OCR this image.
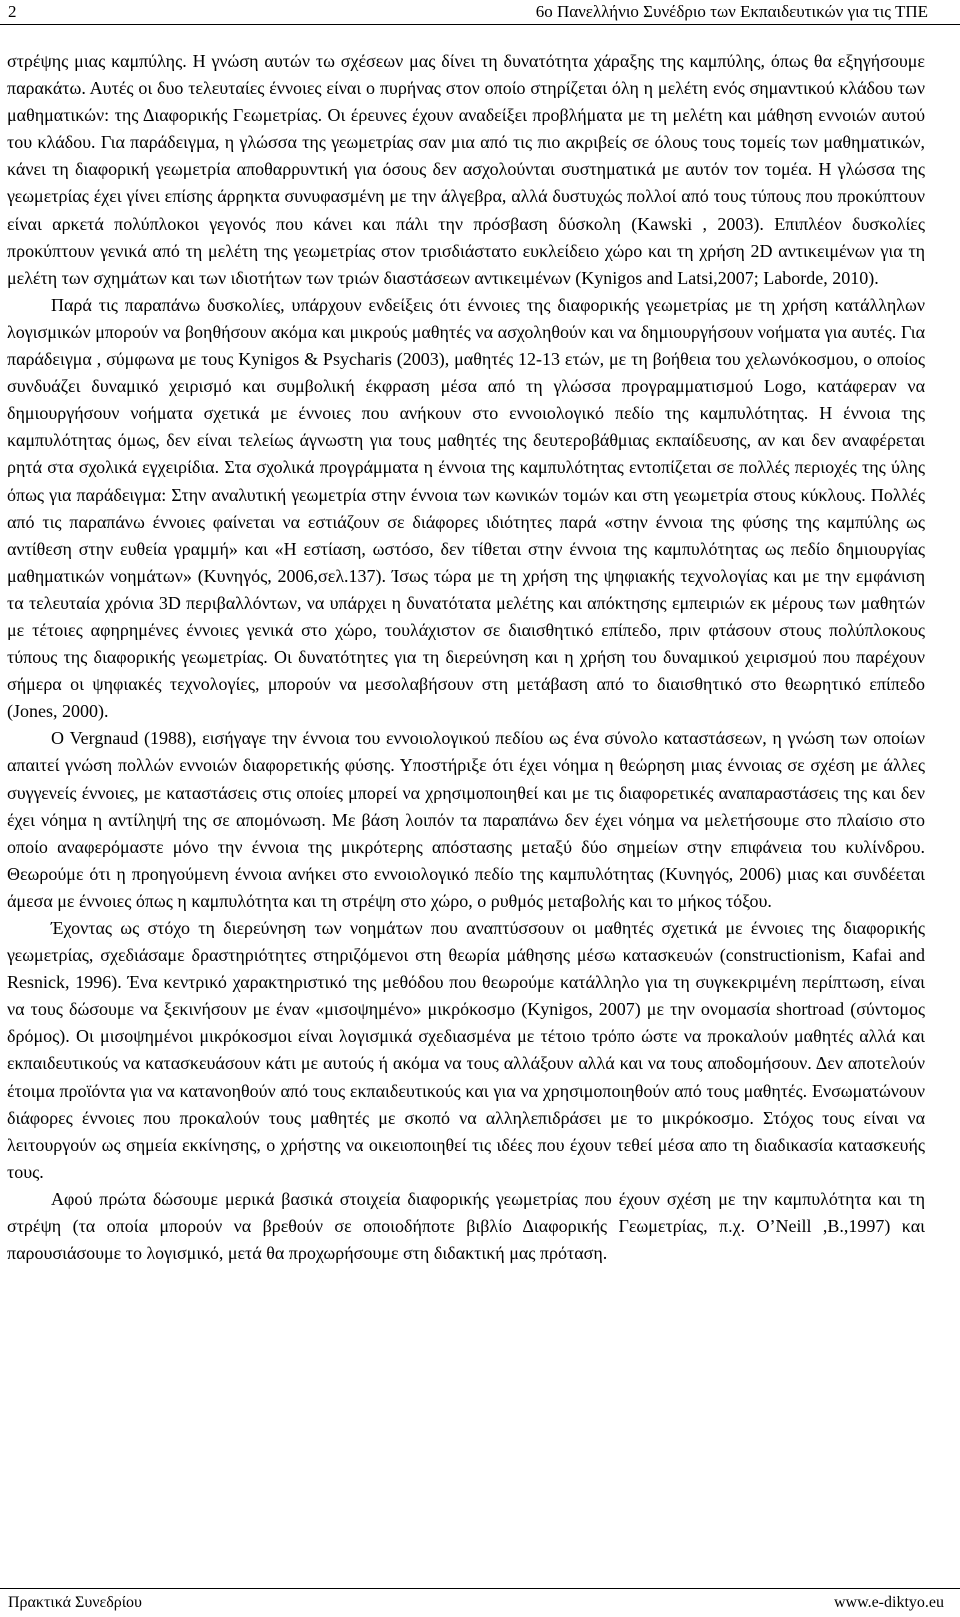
2	6ο Πανελλήνιο Συνέδριο των Εκπαιδευτικών για τις ΤΠΕ

στρέψης μιας καμπύλης. Η γνώση αυτών τω σχέσεων μας δίνει τη δυνατότητα χάραξης της καμπύλης, όπως θα εξηγήσουμε παρακάτω. Αυτές οι δυο τελευταίες έννοιες είναι ο πυρήνας στον οποίο στηρίζεται όλη η μελέτη ενός σημαντικού κλάδου των μαθηματικών: της Διαφορικής Γεωμετρίας. Οι έρευνες έχουν αναδείξει προβλήματα με τη μελέτη και μάθηση εννοιών αυτού του κλάδου. Για παράδειγμα, η γλώσσα της γεωμετρίας σαν μια από τις πιο ακριβείς σε όλους τους τομείς των μαθηματικών, κάνει τη διαφορική γεωμετρία αποθαρρυντική για όσους δεν ασχολούνται συστηματικά με αυτόν τον τομέα. Η γλώσσα της γεωμετρίας έχει γίνει επίσης άρρηκτα συνυφασμένη με την άλγεβρα, αλλά δυστυχώς πολλοί από τους τύπους που προκύπτουν είναι αρκετά πολύπλοκοι γεγονός που κάνει και πάλι την πρόσβαση δύσκολη (Kawski , 2003). Επιπλέον δυσκολίες προκύπτουν γενικά από τη μελέτη της γεωμετρίας στον τρισδιάστατο ευκλείδειο χώρο και τη χρήση 2D αντικειμένων για τη μελέτη των σχημάτων και των ιδιοτήτων των τριών διαστάσεων αντικειμένων (Kynigos and Latsi,2007; Laborde, 2010).

Παρά τις παραπάνω δυσκολίες, υπάρχουν ενδείξεις ότι έννοιες της διαφορικής γεωμετρίας με τη χρήση κατάλληλων λογισμικών μπορούν να βοηθήσουν ακόμα και μικρούς μαθητές να ασχοληθούν και να δημιουργήσουν νοήματα για αυτές. Για παράδειγμα , σύμφωνα με τους Kynigos & Psycharis (2003), μαθητές 12-13 ετών, με τη βοήθεια του χελωνόκοσμου, ο οποίος συνδυάζει δυναμικό χειρισμό και συμβολική έκφραση μέσα από τη γλώσσα προγραμματισμού Logo, κατάφεραν να δημιουργήσουν νοήματα σχετικά με έννοιες που ανήκουν στο εννοιολογικό πεδίο της καμπυλότητας. Η έννοια της καμπυλότητας όμως, δεν είναι τελείως άγνωστη για τους μαθητές της δευτεροβάθμιας εκπαίδευσης, αν και δεν αναφέρεται ρητά στα σχολικά εγχειρίδια. Στα σχολικά προγράμματα η έννοια της καμπυλότητας εντοπίζεται σε πολλές περιοχές της ύλης όπως για παράδειγμα: Στην αναλυτική γεωμετρία στην έννοια των κωνικών τομών και στη γεωμετρία στους κύκλους. Πολλές από τις παραπάνω έννοιες φαίνεται να εστιάζουν σε διάφορες ιδιότητες παρά «στην έννοια της φύσης της καμπύλης ως αντίθεση στην ευθεία γραμμή» και «Η εστίαση, ωστόσο, δεν τίθεται στην έννοια της καμπυλότητας ως πεδίο δημιουργίας μαθηματικών νοημάτων» (Κυνηγός, 2006,σελ.137). Ίσως τώρα με τη χρήση της ψηφιακής τεχνολογίας και με την εμφάνιση τα τελευταία χρόνια 3D περιβαλλόντων, να υπάρχει η δυνατότατα μελέτης και απόκτησης εμπειριών εκ μέρους των μαθητών με τέτοιες αφηρημένες έννοιες γενικά στο χώρο, τουλάχιστον σε διαισθητικό επίπεδο, πριν φτάσουν στους πολύπλοκους τύπους της διαφορικής γεωμετρίας. Οι δυνατότητες για τη διερεύνηση και η χρήση του δυναμικού χειρισμού που παρέχουν σήμερα οι ψηφιακές τεχνολογίες, μπορούν να μεσολαβήσουν στη μετάβαση από το διαισθητικό στο θεωρητικό επίπεδο (Jones, 2000).

Ο Vergnaud (1988), εισήγαγε την έννοια του εννοιολογικού πεδίου ως ένα σύνολο καταστάσεων, η γνώση των οποίων απαιτεί γνώση πολλών εννοιών διαφορετικής φύσης. Υποστήριξε ότι έχει νόημα η θεώρηση μιας έννοιας σε σχέση με άλλες συγγενείς έννοιες, με καταστάσεις στις οποίες μπορεί να χρησιμοποιηθεί και με τις διαφορετικές αναπαραστάσεις της και δεν έχει νόημα η αντίληψή της σε απομόνωση. Με βάση λοιπόν τα παραπάνω δεν έχει νόημα να μελετήσουμε στο πλαίσιο στο οποίο αναφερόμαστε μόνο την έννοια της μικρότερης απόστασης μεταξύ δύο σημείων στην επιφάνεια του κυλίνδρου. Θεωρούμε ότι η προηγούμενη έννοια ανήκει στο εννοιολογικό πεδίο της καμπυλότητας (Κυνηγός, 2006) μιας και συνδέεται άμεσα με έννοιες όπως η καμπυλότητα και τη στρέψη στο χώρο, ο ρυθμός μεταβολής και το μήκος τόξου.

Έχοντας ως στόχο τη διερεύνηση των νοημάτων που αναπτύσσουν οι μαθητές σχετικά με έννοιες της διαφορικής γεωμετρίας, σχεδιάσαμε δραστηριότητες στηριζόμενοι στη θεωρία μάθησης μέσω κατασκευών (constructionism, Kafai and Resnick, 1996). Ένα κεντρικό χαρακτηριστικό της μεθόδου που θεωρούμε κατάλληλο για τη συγκεκριμένη περίπτωση, είναι να τους δώσουμε να ξεκινήσουν με έναν «μισοψημένο» μικρόκοσμο (Kynigos, 2007) με την ονομασία shortroad (σύντομος δρόμος). Οι μισοψημένοι μικρόκοσμοι είναι λογισμικά σχεδιασμένα με τέτοιο τρόπο ώστε να προκαλούν μαθητές αλλά και εκπαιδευτικούς να κατασκευάσουν κάτι με αυτούς ή ακόμα να τους αλλάξουν αλλά και να τους αποδομήσουν. Δεν αποτελούν έτοιμα προϊόντα για να κατανοηθούν από τους εκπαιδευτικούς και για να χρησιμοποιηθούν από τους μαθητές. Ενσωματώνουν διάφορες έννοιες που προκαλούν τους μαθητές με σκοπό να αλληλεπιδράσει με το μικρόκοσμο. Στόχος τους είναι να λειτουργούν ως σημεία εκκίνησης, ο χρήστης να οικειοποιηθεί τις ιδέες που έχουν τεθεί μέσα απο τη διαδικασία κατασκευής τους.

Αφού πρώτα δώσουμε μερικά βασικά στοιχεία διαφορικής γεωμετρίας που έχουν σχέση με την καμπυλότητα και τη στρέψη (τα οποία μπορούν να βρεθούν σε οποιοδήποτε βιβλίο Διαφορικής Γεωμετρίας, π.χ. O’Neill ,B.,1997) και παρουσιάσουμε το λογισμικό, μετά θα προχωρήσουμε στη διδακτική μας πρόταση.

Πρακτικά Συνεδρίου	www.e-diktyo.eu
